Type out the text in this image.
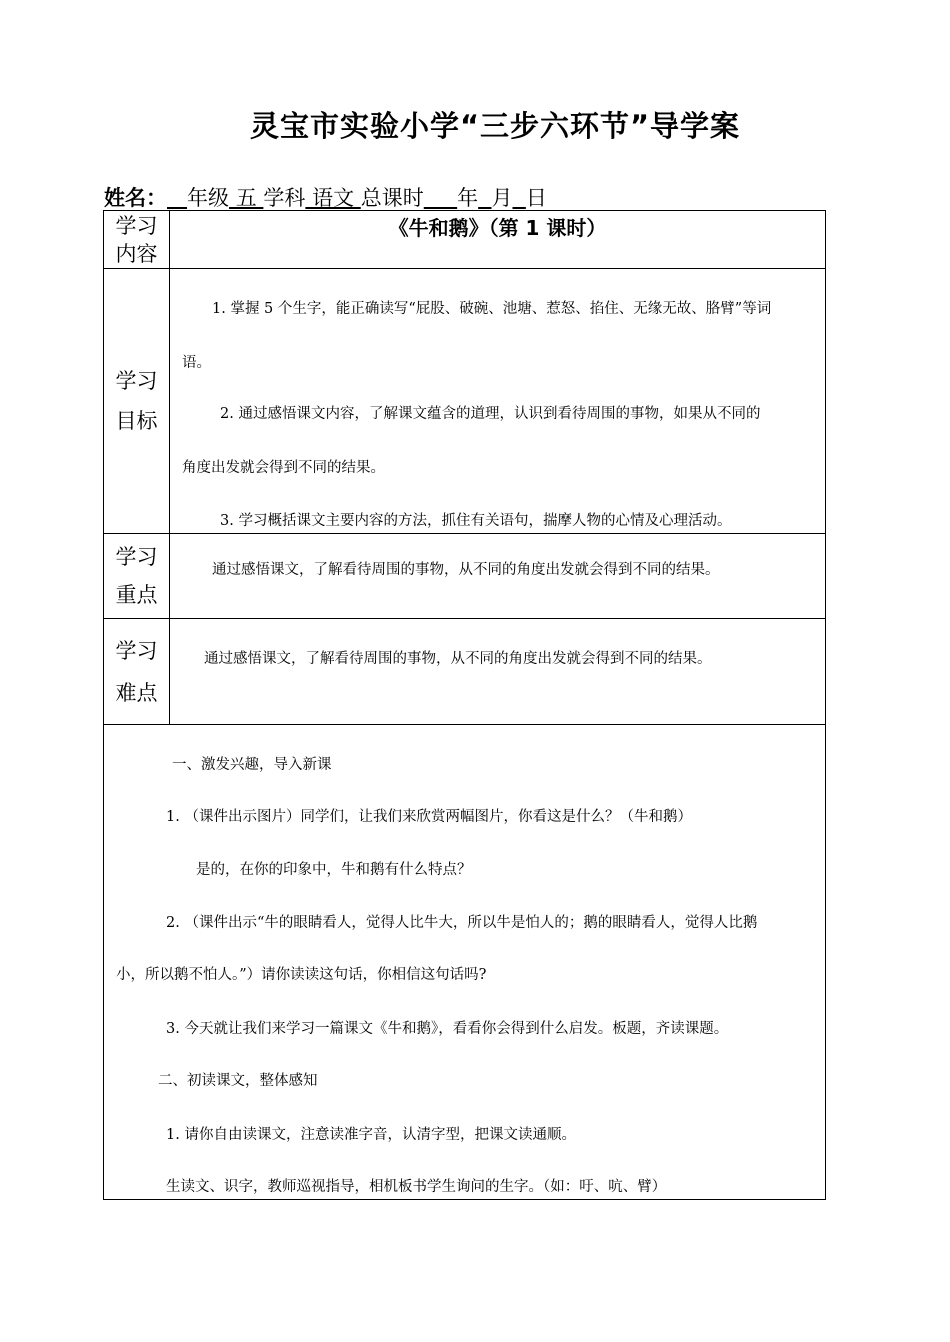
灵宝市实验小学“三步六环节”导学案
姓名： 年级 五 学科 语文 总课时 年 月 日
学习
内容
《牛和鹅》（第 1 课时）
学习
目标
1. 掌握 5 个生字，能正确读写“屁股、破碗、池塘、惹怒、掐住、无缘无故、胳臂”等词
语。
2. 通过感悟课文内容，了解课文蕴含的道理，认识到看待周围的事物，如果从不同的
角度出发就会得到不同的结果。
3. 学习概括课文主要内容的方法，抓住有关语句，揣摩人物的心情及心理活动。
学习
重点
通过感悟课文，了解看待周围的事物，从不同的角度出发就会得到不同的结果。
学习
难点
通过感悟课文，了解看待周围的事物，从不同的角度出发就会得到不同的结果。
一、激发兴趣，导入新课
1. （课件出示图片）同学们，让我们来欣赏两幅图片，你看这是什么？（牛和鹅）
是的，在你的印象中，牛和鹅有什么特点？
2. （课件出示“牛的眼睛看人，觉得人比牛大，所以牛是怕人的；鹅的眼睛看人，觉得人比鹅
小，所以鹅不怕人。”）请你读读这句话，你相信这句话吗?
3. 今天就让我们来学习一篇课文《牛和鹅》，看看你会得到什么启发。板题，齐读课题。
二、初读课文，整体感知
1. 请你自由读课文，注意读准字音，认清字型，把课文读通顺。
生读文、识字，教师巡视指导，相机板书学生询问的生字。（如：吁、吭、臂）
